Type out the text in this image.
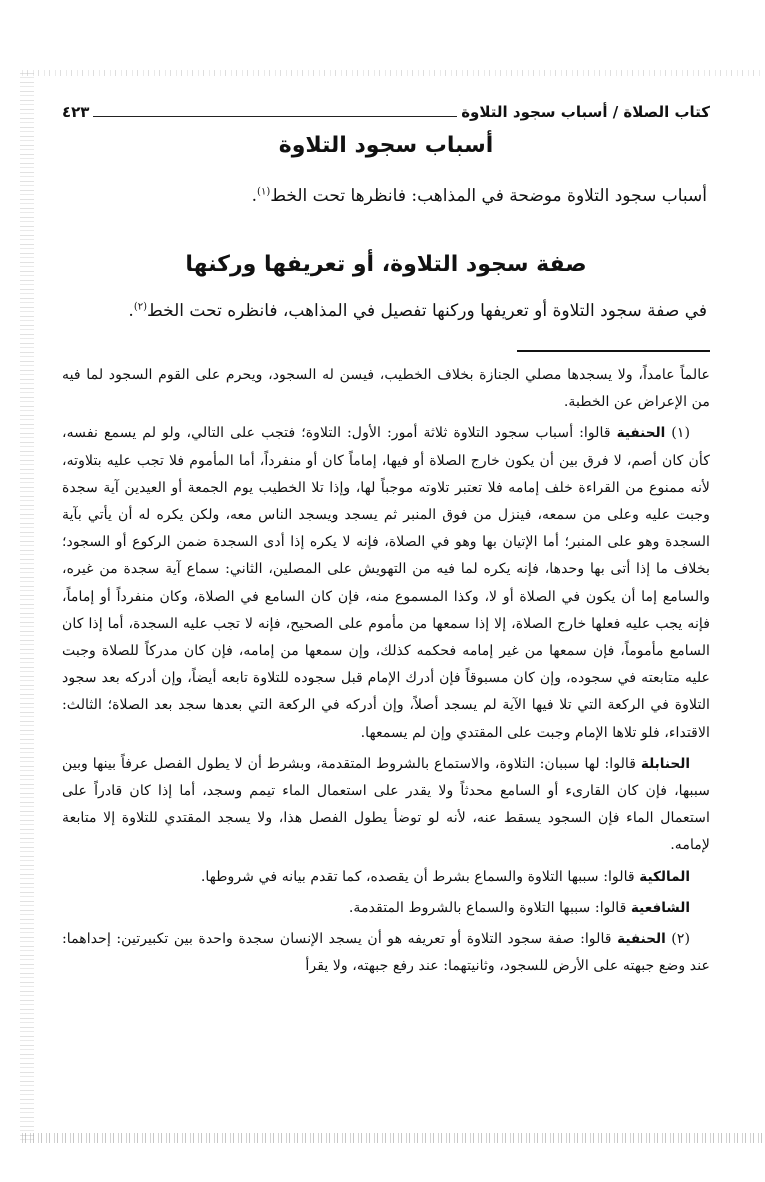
كتاب الصلاة / أسباب سجود التلاوة
٤٢٣
أسباب سجود التلاوة
أسباب سجود التلاوة موضحة في المذاهب: فانظرها تحت الخط$^{(١)}$.
صفة سجود التلاوة، أو تعريفها وركنها
في صفة سجود التلاوة أو تعريفها وركنها تفصيل في المذاهب، فانظره تحت الخط$^{(٢)}$.

عالماً عامداً، ولا يسجدها مصلي الجنازة بخلاف الخطيب، فيسن له السجود، ويحرم على القوم السجود لما فيه من الإعراض عن الخطبة.

(١) الحنفية قالوا: أسباب سجود التلاوة ثلاثة أمور: الأول: التلاوة؛ فتجب على التالي، ولو لم يسمع نفسه، كأن كان أصم، لا فرق بين أن يكون خارج الصلاة أو فيها، إماماً كان أو منفرداً، أما المأموم فلا تجب عليه بتلاوته، لأنه ممنوع من القراءة خلف إمامه فلا تعتبر تلاوته موجباً لها، وإذا تلا الخطيب يوم الجمعة أو العيدين آية سجدة وجبت عليه وعلى من سمعه، فينزل من فوق المنبر ثم يسجد ويسجد الناس معه، ولكن يكره له أن يأتي بآية السجدة وهو على المنبر؛ أما الإتيان بها وهو في الصلاة، فإنه لا يكره إذا أدى السجدة ضمن الركوع أو السجود؛ بخلاف ما إذا أتى بها وحدها، فإنه يكره لما فيه من التهويش على المصلين، الثاني: سماع آية سجدة من غيره، والسامع إما أن يكون في الصلاة أو لا، وكذا المسموع منه، فإن كان السامع في الصلاة، وكان منفرداً أو إماماً، فإنه يجب عليه فعلها خارج الصلاة، إلا إذا سمعها من مأموم على الصحيح، فإنه لا تجب عليه السجدة، أما إذا كان السامع مأموماً، فإن سمعها من غير إمامه فحكمه كذلك، وإن سمعها من إمامه، فإن كان مدركاً للصلاة وجبت عليه متابعته في سجوده، وإن كان مسبوقاً فإن أدرك الإمام قبل سجوده للتلاوة تابعه أيضاً، وإن أدركه بعد سجود التلاوة في الركعة التي تلا فيها الآية لم يسجد أصلاً، وإن أدركه في الركعة التي بعدها سجد بعد الصلاة؛ الثالث: الاقتداء، فلو تلاها الإمام وجبت على المقتدي وإن لم يسمعها.

الحنابلة قالوا: لها سببان: التلاوة، والاستماع بالشروط المتقدمة، وبشرط أن لا يطول الفصل عرفاً بينها وبين سببها، فإن كان القارىء أو السامع محدثاً ولا يقدر على استعمال الماء تيمم وسجد، أما إذا كان قادراً على استعمال الماء فإن السجود يسقط عنه، لأنه لو توضأ يطول الفصل هذا، ولا يسجد المقتدي للتلاوة إلا متابعة لإمامه.

المالكية قالوا: سببها التلاوة والسماع بشرط أن يقصده، كما تقدم بيانه في شروطها.

الشافعية قالوا: سببها التلاوة والسماع بالشروط المتقدمة.

(٢) الحنفية قالوا: صفة سجود التلاوة أو تعريفه هو أن يسجد الإنسان سجدة واحدة بين تكبيرتين: إحداهما: عند وضع جبهته على الأرض للسجود، وثانيتهما: عند رفع جبهته، ولا يقرأ
